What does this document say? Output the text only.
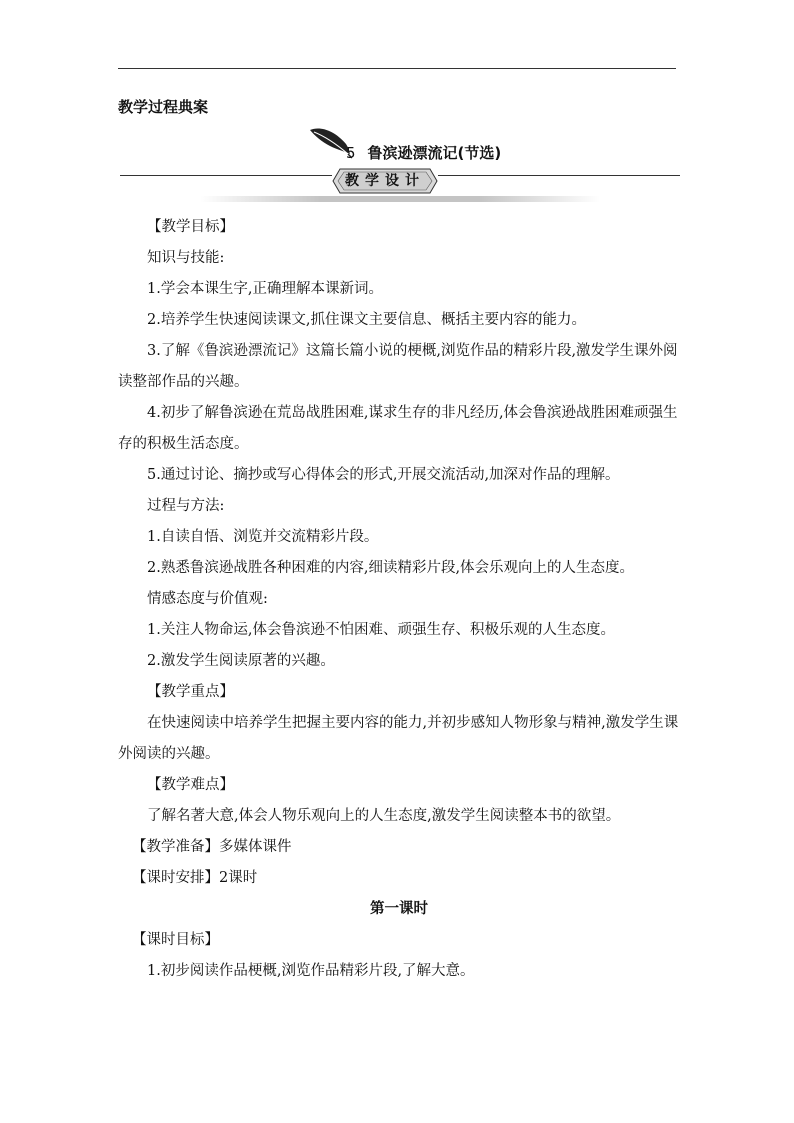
教学过程典案
5 鲁滨逊漂流记(节选)
教学设计

【教学目标】

知识与技能:

1.学会本课生字,正确理解本课新词。

2.培养学生快速阅读课文,抓住课文主要信息、概括主要内容的能力。

3.了解《鲁滨逊漂流记》这篇长篇小说的梗概,浏览作品的精彩片段,激发学生课外阅读整部作品的兴趣。

4.初步了解鲁滨逊在荒岛战胜困难,谋求生存的非凡经历,体会鲁滨逊战胜困难顽强生存的积极生活态度。

5.通过讨论、摘抄或写心得体会的形式,开展交流活动,加深对作品的理解。

过程与方法:

1.自读自悟、浏览并交流精彩片段。

2.熟悉鲁滨逊战胜各种困难的内容,细读精彩片段,体会乐观向上的人生态度。

情感态度与价值观:

1.关注人物命运,体会鲁滨逊不怕困难、顽强生存、积极乐观的人生态度。

2.激发学生阅读原著的兴趣。

【教学重点】

在快速阅读中培养学生把握主要内容的能力,并初步感知人物形象与精神,激发学生课外阅读的兴趣。

【教学难点】

了解名著大意,体会人物乐观向上的人生态度,激发学生阅读整本书的欲望。

【教学准备】多媒体课件

【课时安排】2课时

第一课时

【课时目标】

1.初步阅读作品梗概,浏览作品精彩片段,了解大意。
